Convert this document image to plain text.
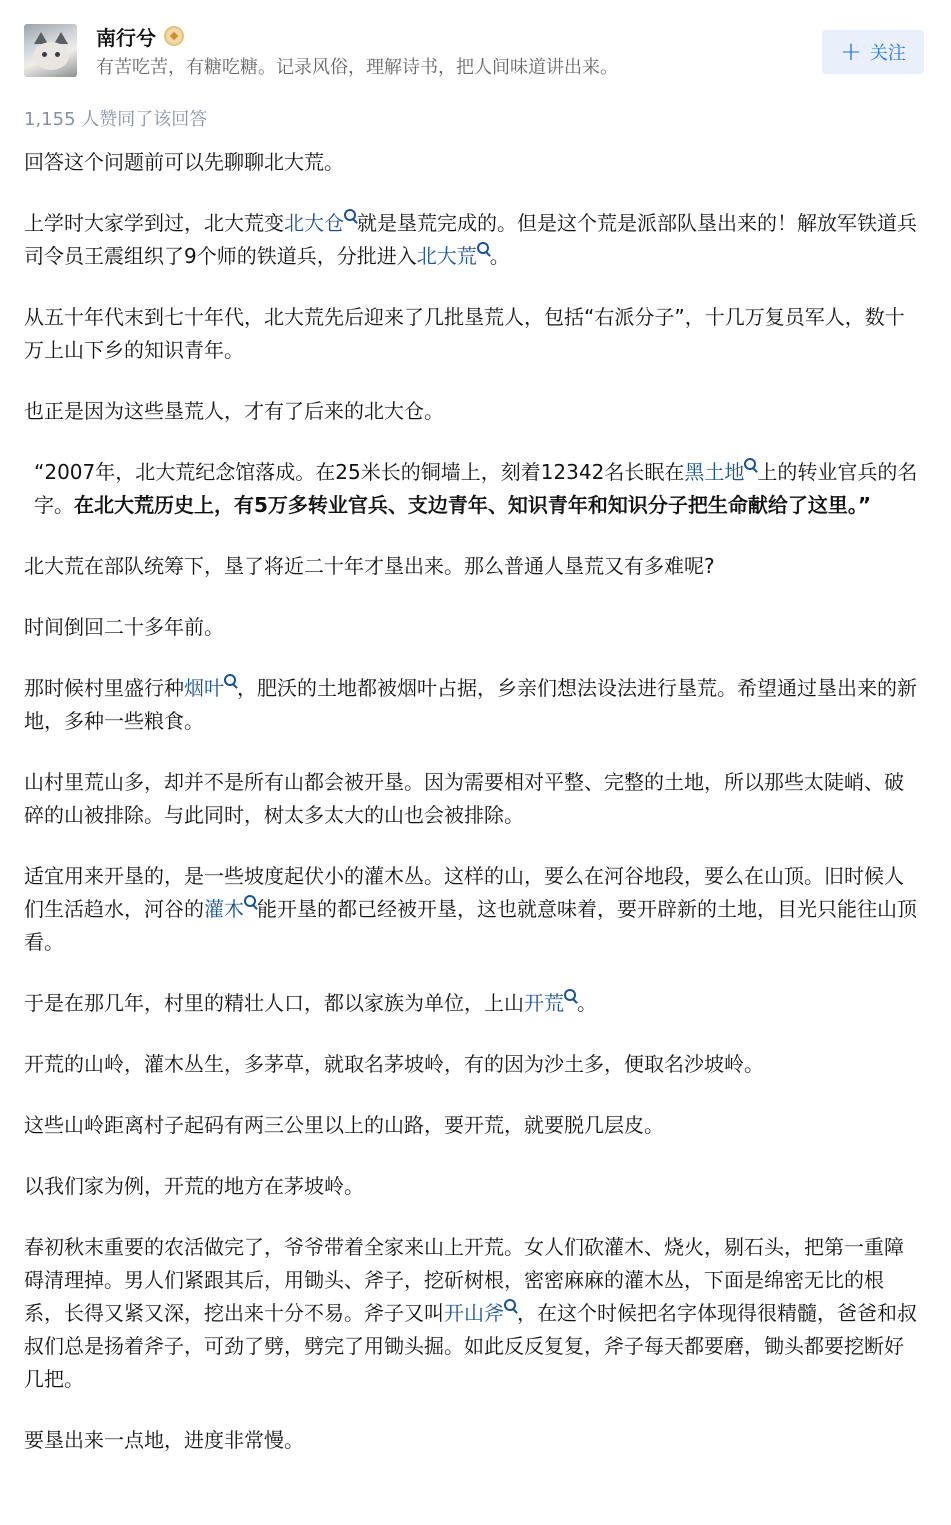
南行兮
有苦吃苦，有糖吃糖。记录风俗，理解诗书，把人间味道讲出来。
+ 关注
1,155 人赞同了该回答

回答这个问题前可以先聊聊北大荒。

上学时大家学到过，北大荒变北大仓 就是垦荒完成的。但是这个荒是派部队垦出来的！解放军铁道兵司令员王震组织了9个师的铁道兵，分批进入北大荒 。

从五十年代末到七十年代，北大荒先后迎来了几批垦荒人，包括“右派分子”，十几万复员军人，数十万上山下乡的知识青年。

也正是因为这些垦荒人，才有了后来的北大仓。

“2007年，北大荒纪念馆落成。在25米长的铜墙上，刻着12342名长眠在黑土地 上的转业官兵的名字。在北大荒历史上，有5万多转业官兵、支边青年、知识青年和知识分子把生命献给了这里。”

北大荒在部队统筹下，垦了将近二十年才垦出来。那么普通人垦荒又有多难呢?

时间倒回二十多年前。

那时候村里盛行种烟叶 ，肥沃的土地都被烟叶占据，乡亲们想法设法进行垦荒。希望通过垦出来的新地，多种一些粮食。

山村里荒山多，却并不是所有山都会被开垦。因为需要相对平整、完整的土地，所以那些太陡峭、破碎的山被排除。与此同时，树太多太大的山也会被排除。

适宜用来开垦的，是一些坡度起伏小的灌木丛。这样的山，要么在河谷地段，要么在山顶。旧时候人们生活趋水，河谷的灌木 能开垦的都已经被开垦，这也就意味着，要开辟新的土地，目光只能往山顶看。

于是在那几年，村里的精壮人口，都以家族为单位，上山开荒 。

开荒的山岭，灌木丛生，多茅草，就取名茅坡岭，有的因为沙土多，便取名沙坡岭。

这些山岭距离村子起码有两三公里以上的山路，要开荒，就要脱几层皮。

以我们家为例，开荒的地方在茅坡岭。

春初秋末重要的农活做完了，爷爷带着全家来山上开荒。女人们砍灌木、烧火，剔石头，把第一重障碍清理掉。男人们紧跟其后，用锄头、斧子，挖斫树根，密密麻麻的灌木丛，下面是绵密无比的根系，长得又紧又深，挖出来十分不易。斧子又叫开山斧 ，在这个时候把名字体现得很精髓，爸爸和叔叔们总是扬着斧子，可劲了劈，劈完了用锄头掘。如此反反复复，斧子每天都要磨，锄头都要挖断好几把。

要垦出来一点地，进度非常慢。
